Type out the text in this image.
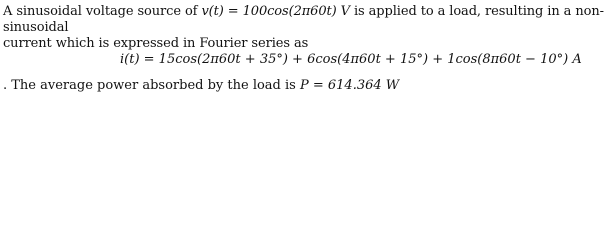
A sinusoidal voltage source of v(t) = 100cos(2π60t) V is applied to a load, resulting in a non-sinusoidal
current which is expressed in Fourier series as
i(t) = 15cos(2π60t + 35°) + 6cos(4π60t + 15°) + 1cos(8π60t − 10°) A
. The average power absorbed by the load is P = 614.364 W
